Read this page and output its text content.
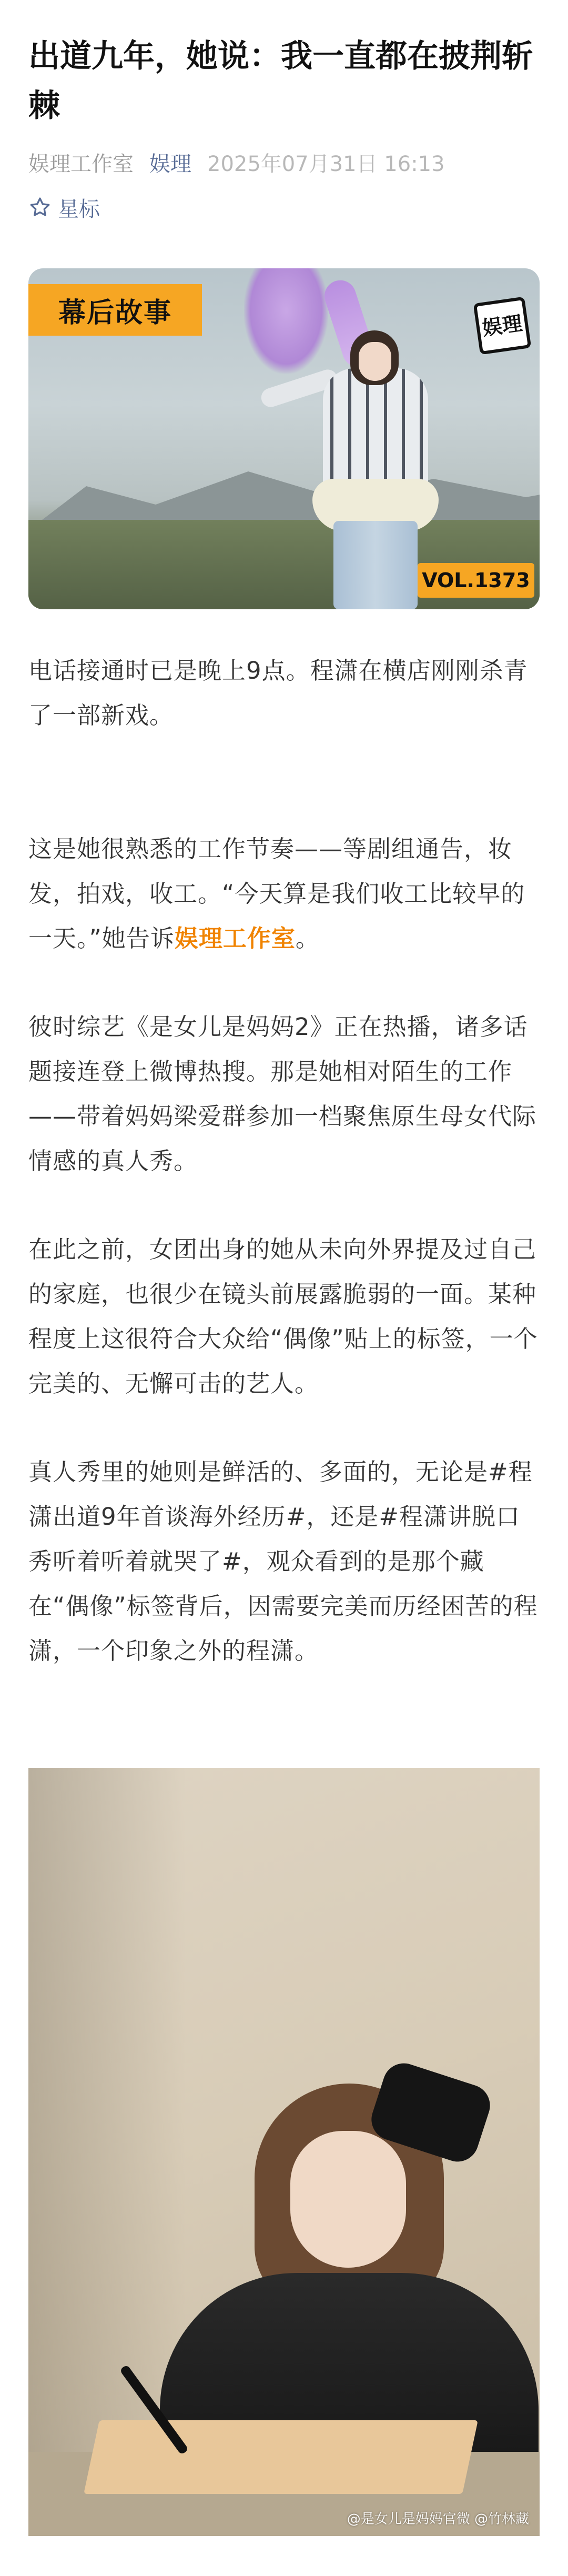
出道九年，她说：我一直都在披荆斩棘
娱理工作室 娱理 2025年07月31日 16:13
星标
幕后故事	娱理
VOL.1373

电话接通时已是晚上9点。程潇在横店刚刚杀青了一部新戏。

这是她很熟悉的工作节奏——等剧组通告，妆发，拍戏，收工。“今天算是我们收工比较早的一天。”她告诉娱理工作室。

彼时综艺《是女儿是妈妈2》正在热播，诸多话题接连登上微博热搜。那是她相对陌生的工作——带着妈妈梁爱群参加一档聚焦原生母女代际情感的真人秀。

在此之前，女团出身的她从未向外界提及过自己的家庭，也很少在镜头前展露脆弱的一面。某种程度上这很符合大众给“偶像”贴上的标签，一个完美的、无懈可击的艺人。

真人秀里的她则是鲜活的、多面的，无论是#程潇出道9年首谈海外经历#，还是#程潇讲脱口秀听着听着就哭了#，观众看到的是那个藏在“偶像”标签背后，因需要完美而历经困苦的程潇，一个印象之外的程潇。

@是女儿是妈妈官微 @竹林藏
